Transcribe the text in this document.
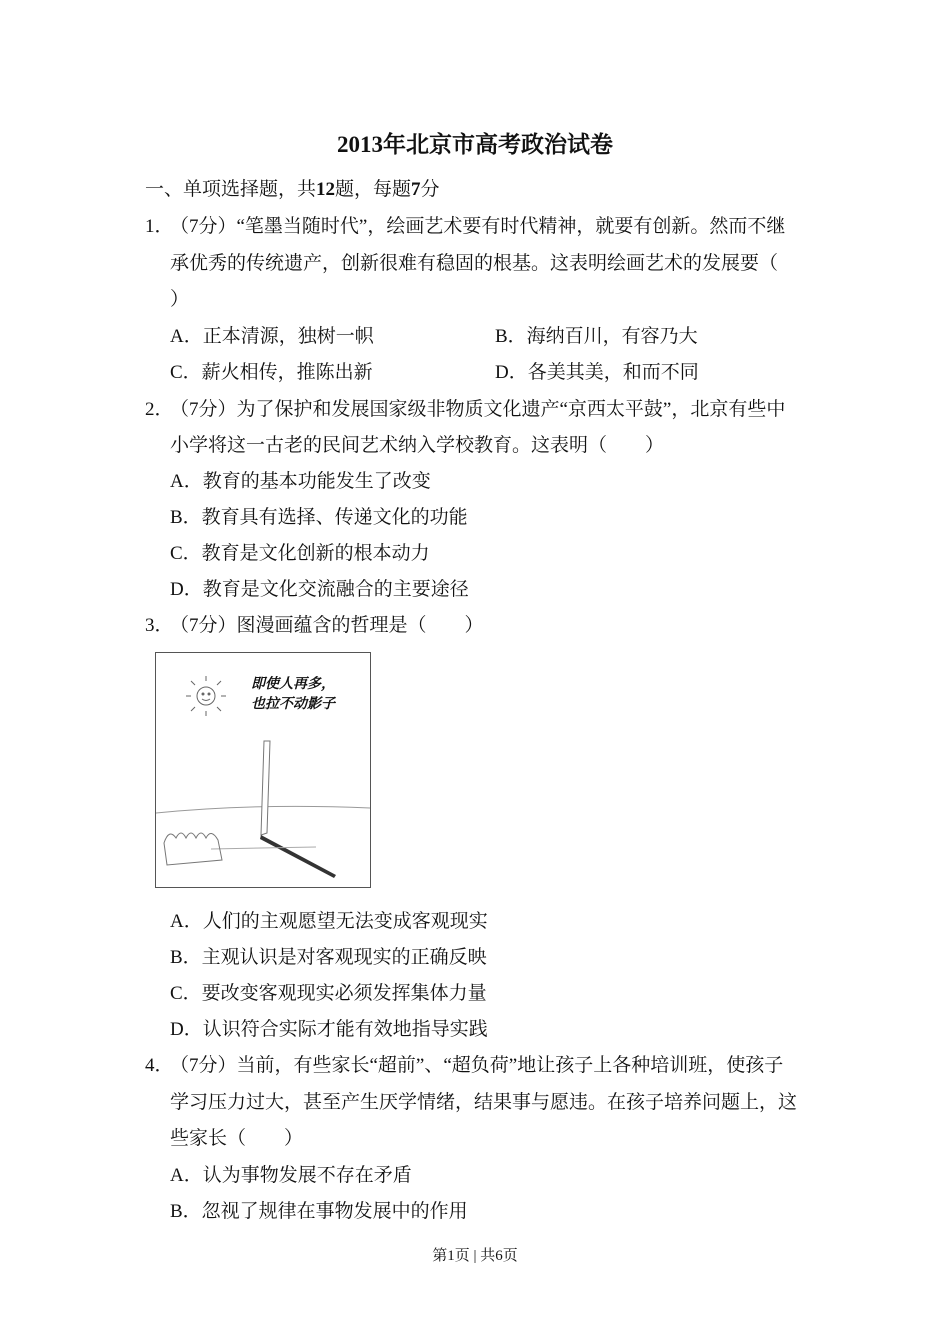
2013年北京市高考政治试卷
一、单项选择题，共12题，每题7分
1．
（7分）“笔墨当随时代”，绘画艺术要有时代精神，就要有创新。然而不继
承优秀的传统遗产，创新很难有稳固的根基。这表明绘画艺术的发展要（
）
A．正本清源，独树一帜	B．海纳百川，有容乃大
C．薪火相传，推陈出新	D．各美其美，和而不同
2．
（7分）为了保护和发展国家级非物质文化遗产“京西太平鼓”，北京有些中
小学将这一古老的民间艺术纳入学校教育。这表明（　　）
A．教育的基本功能发生了改变
B．教育具有选择、传递文化的功能
C．教育是文化创新的根本动力
D．教育是文化交流融合的主要途径
3．
（7分）图漫画蕴含的哲理是（　　）
即使人再多，
也拉不动影子
A．人们的主观愿望无法变成客观现实
B．主观认识是对客观现实的正确反映
C．要改变客观现实必须发挥集体力量
D．认识符合实际才能有效地指导实践
4．
（7分）当前，有些家长“超前”、“超负荷”地让孩子上各种培训班，使孩子
学习压力过大，甚至产生厌学情绪，结果事与愿违。在孩子培养问题上，这
些家长（　　）
A．认为事物发展不存在矛盾
B．忽视了规律在事物发展中的作用
第1页 | 共6页
